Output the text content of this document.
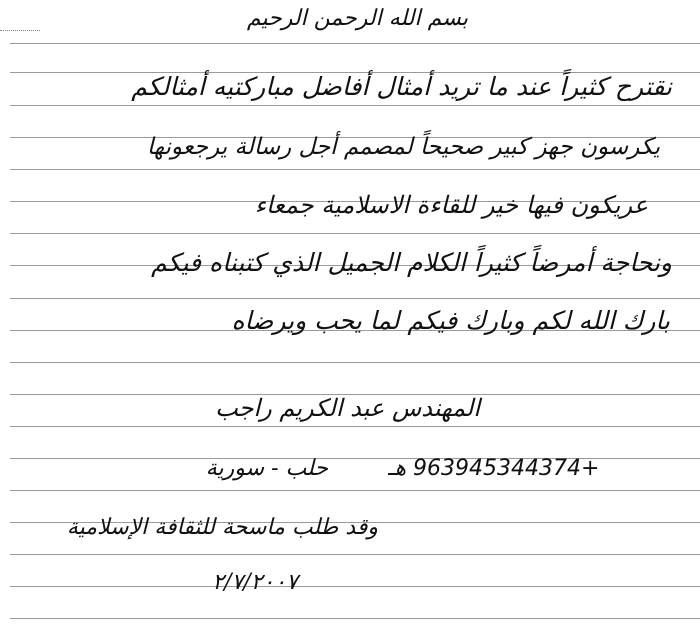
بسم الله الرحمن الرحيم
نقترح كثيراً عند ما تريد أمثال أفاضل مباركتيه أمثالكم
يكرسون جهز كبير صحيحاً لمصمم أجل رسالة يرجعونها
عريكون فيها خير للقاءة الاسلامية جمعاء
ونحاجة أمرضاً كثيراً الكلام الجميل الذي كتبناه فيكم
بارك الله لكم وبارك فيكم لما يحب ويرضاه
المهندس عبد الكريم راجب
حلب - سورية	+963945344374 هـ
وقد طلب ماسحة للثقافة الإسلامية
٢/٧/٢٠٠٧
